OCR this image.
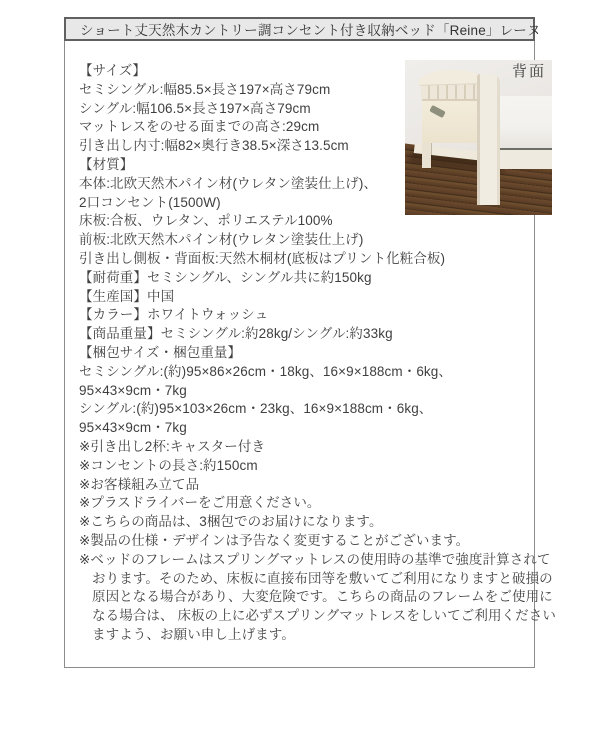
ショート丈天然木カントリー調コンセント付き収納ベッド「Reine」レーヌ
【サイズ】
セミシングル:幅85.5×長さ197×高さ79cm
シングル:幅106.5×長さ197×高さ79cm
マットレスをのせる面までの高さ:29cm
引き出し内寸:幅82×奥行き38.5×深さ13.5cm
【材質】
本体:北欧天然木パイン材(ウレタン塗装仕上げ)、
2口コンセント(1500W)
床板:合板、ウレタン、ポリエステル100%
前板:北欧天然木パイン材(ウレタン塗装仕上げ)
引き出し側板・背面板:天然木桐材(底板はプリント化粧合板)
【耐荷重】セミシングル、シングル共に約150kg
【生産国】中国
【カラー】ホワイトウォッシュ
【商品重量】セミシングル:約28kg/シングル:約33kg
【梱包サイズ・梱包重量】
セミシングル:(約)95×86×26cm・18kg、16×9×188cm・6kg、
95×43×9cm・7kg
シングル:(約)95×103×26cm・23kg、16×9×188cm・6kg、
95×43×9cm・7kg
※引き出し2杯:キャスター付き
※コンセントの長さ:約150cm
※お客様組み立て品
※プラスドライバーをご用意ください。
※こちらの商品は、3梱包でのお届けになります。
※製品の仕様・デザインは予告なく変更することがございます。
※ベッドのフレームはスプリングマットレスの使用時の基準で強度計算されて
おります。そのため、床板に直接布団等を敷いてご利用になりますと破損の
原因となる場合があり、大変危険です。こちらの商品のフレームをご使用に
なる場合は、 床板の上に必ずスプリングマットレスをしいてご利用ください
ますよう、お願い申し上げます。
背面
